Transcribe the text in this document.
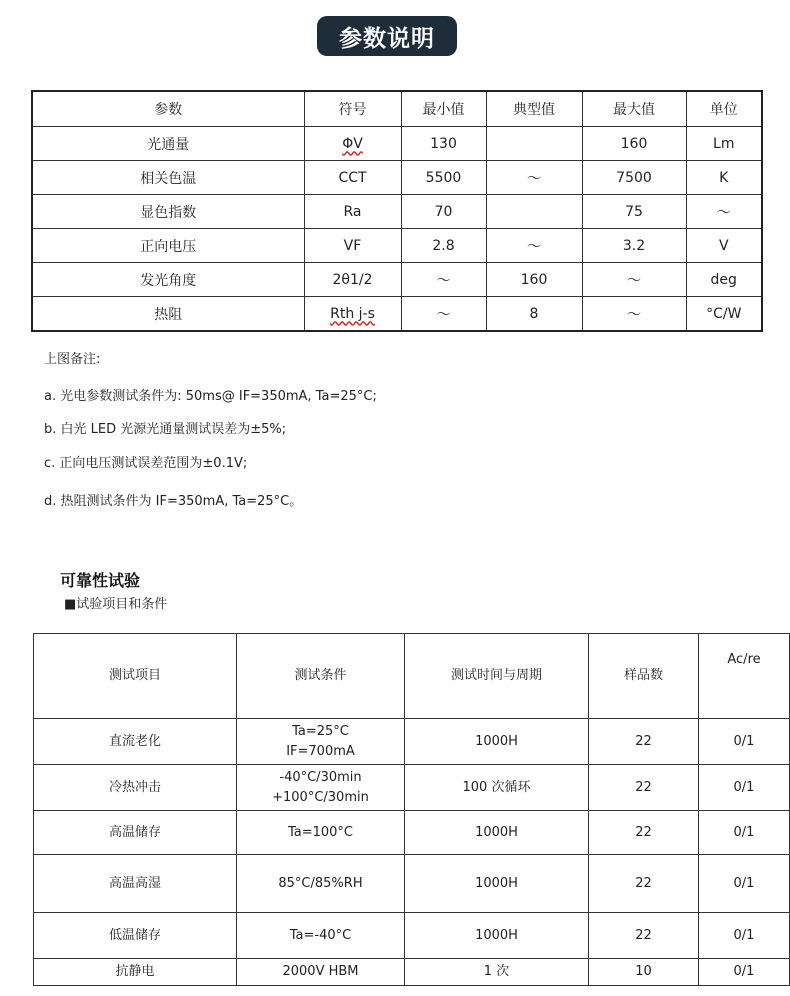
参数说明
参数	符号	最小值	典型值	最大值	单位
光通量	ΦV	130		160	Lm
相关色温	CCT	5500	～	7500	K
显色指数	Ra	70		75	～
正向电压	VF	2.8	～	3.2	V
发光角度	2θ1/2	～	160	～	deg
热阻	Rth j-s	～	8	～	°C/W
上图备注:
a. 光电参数测试条件为: 50ms@ IF=350mA, Ta=25°C;
b. 白光 LED 光源光通量测试误差为±5%;
c. 正向电压测试误差范围为±0.1V;
d. 热阻测试条件为 IF=350mA, Ta=25°C。
可靠性试验
■试验项目和条件
测试项目	测试条件	测试时间与周期	样品数	Ac/re
直流老化	Ta=25°C
IF=700mA	1000H	22	0/1
冷热冲击	-40°C/30min
+100°C/30min	100 次循环	22	0/1
高温储存	Ta=100°C	1000H	22	0/1
高温高湿	85°C/85%RH	1000H	22	0/1
低温储存	Ta=-40°C	1000H	22	0/1
抗静电	2000V HBM	1 次	10	0/1
